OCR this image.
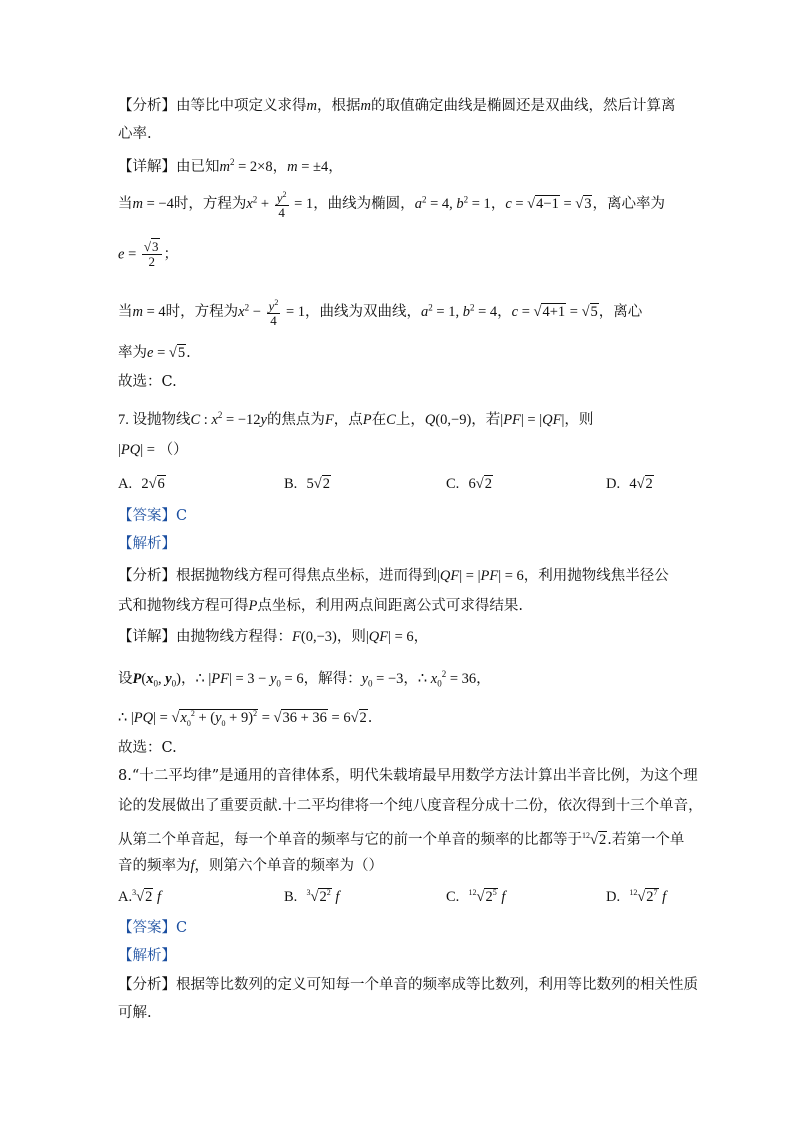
【分析】由等比中项定义求得m，根据m的取值确定曲线是椭圆还是双曲线，然后计算离
心率.
【详解】由已知$m^2 = 2\times 8$，m = ±4，
当m = −4时，方程为$x^2 + \frac{y^2}{4} = 1$，曲线为椭圆，$a^2 = 4$, $b^2 = 1$，c = √4−1 = √3，离心率为
$e = \frac{√3}{2}$ ；
当m = 4时，方程为$x^2 - \frac{y^2}{4} = 1$，曲线为双曲线，$a^2 = 1$, $b^2 = 4$，c = √4+1 = √5，离心
率为e = √5.
故选：C.
7. 设抛物线C : $x^2 = -12y$的焦点为F，点P在C上，Q(0,−9)，若|PF| = |QF|，则
|PQ| = （）
A. 2√6	B. 5√2	C. 6√2	D. 4√2
【答案】C
【解析】
【分析】根据抛物线方程可得焦点坐标，进而得到|QF| = |PF| = 6，利用抛物线焦半径公
式和抛物线方程可得P点坐标，利用两点间距离公式可求得结果.
【详解】由抛物线方程得：F(0,−3)，则|QF| = 6，
设$P(x_0$, $y_0$)，∴ $|PF| = 3 - y_0 = 6$，解得：$y_0 = -3$，∴ $x_0^2 = 36$，
∴ $|PQ| = √x_0^2 + (y_0 + 9)^2 = √36 + 36 = 6√2$.
故选：C.
8.“十二平均律”是通用的音律体系，明代朱载堉最早用数学方法计算出半音比例，为这个理
论的发展做出了重要贡献.十二平均律将一个纯八度音程分成十二份，依次得到十三个单音，
从第二个单音起，每一个单音的频率与它的前一个单音的频率的比都等于$^{12}$√2.若第一个单
音的频率为f，则第六个单音的频率为（）
A.$^3$√2 f	B. $^3√2^2$ f	C. $^{12}√2^5$ f	D. $^{12}√2^7$ f
【答案】C
【解析】
【分析】根据等比数列的定义可知每一个单音的频率成等比数列，利用等比数列的相关性质
可解.
